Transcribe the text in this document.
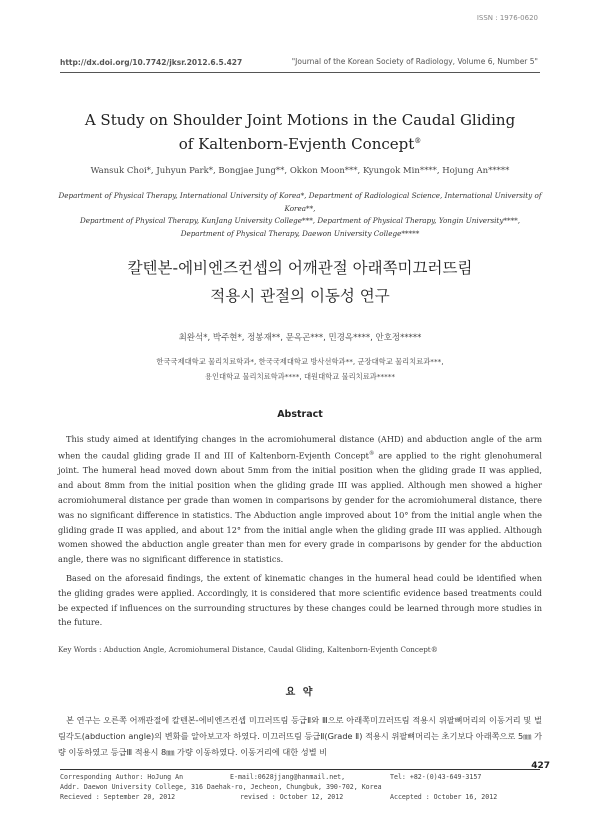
ISSN : 1976-0620
http://dx.doi.org/10.7742/jksr.2012.6.5.427	"Journal of the Korean Society of Radiology, Volume 6, Number 5"
A Study on Shoulder Joint Motions in the Caudal Gliding
of Kaltenborn-Evjenth Concept®
Wansuk Choi*, Juhyun Park*, Bongjae Jung**, Okkon Moon***, Kyungok Min****, Hojung An*****
Department of Physical Therapy, International University of Korea*, Department of Radiological Science, International University of Korea**,
Department of Physical Therapy, KunJang University College***, Department of Physical Therapy, Yongin University****,
Department of Physical Therapy, Daewon University College*****
칼텐본-에비엔즈컨셉의 어깨관절 아래쪽미끄러뜨림
적용시 관절의 이동성 연구
최완석*, 박주현*, 정봉재**, 문옥곤***, 민경옥****, 안호정*****
한국국제대학교 물리치료학과*, 한국국제대학교 방사선학과**, 군장대학교 물리치료과***,
용인대학교 물리치료학과****, 대원대학교 물리치료과*****
Abstract
This study aimed at identifying changes in the acromiohumeral distance (AHD) and abduction angle of the arm when the caudal gliding grade II and III of Kaltenborn-Evjenth Concept® are applied to the right glenohumeral joint. The humeral head moved down about 5mm from the initial position when the gliding grade II was applied, and about 8mm from the initial position when the gliding grade III was applied. Although men showed a higher acromiohumeral distance per grade than women in comparisons by gender for the acromiohumeral distance, there was no significant difference in statistics. The Abduction angle improved about 10° from the initial angle when the gliding grade II was applied, and about 12° from the initial angle when the gliding grade III was applied. Although women showed the abduction angle greater than men for every grade in comparisons by gender for the abduction angle, there was no significant difference in statistics.
Based on the aforesaid findings, the extent of kinematic changes in the humeral head could be identified when the gliding grades were applied. Accordingly, it is considered that more scientific evidence based treatments could be expected if influences on the surrounding structures by these changes could be learned through more studies in the future.
Key Words : Abduction Angle, Acromiohumeral Distance, Caudal Gliding, Kaltenborn-Evjenth Concept®
요 약
본 연구는 오른쪽 어깨관절에 칼텐본-에비엔즈컨셉 미끄러뜨림 등급Ⅱ와 Ⅲ으로 아래쪽미끄러뜨림 적용시 위팔뼈머리의 이동거리 및 벌림각도(abduction angle)의 변화를 알아보고자 하였다. 미끄러뜨림 등급Ⅱ(Grade Ⅱ) 적용시 위팔뼈머리는 초기보다 아래쪽으로 5㎜ 가량 이동하였고 등급Ⅲ 적용시 8㎜ 가량 이동하였다. 이동거리에 대한 성별 비
427
Corresponding Author: HoJung An	E-mail:0628jjang@hanmail.net,	Tel: +82-(0)43-649-3157
Addr. Daewon University College, 316 Daehak-ro, Jecheon, Chungbuk, 390-702, Korea
Recieved : September 20, 2012	revised : October 12, 2012	Accepted : October 16, 2012
